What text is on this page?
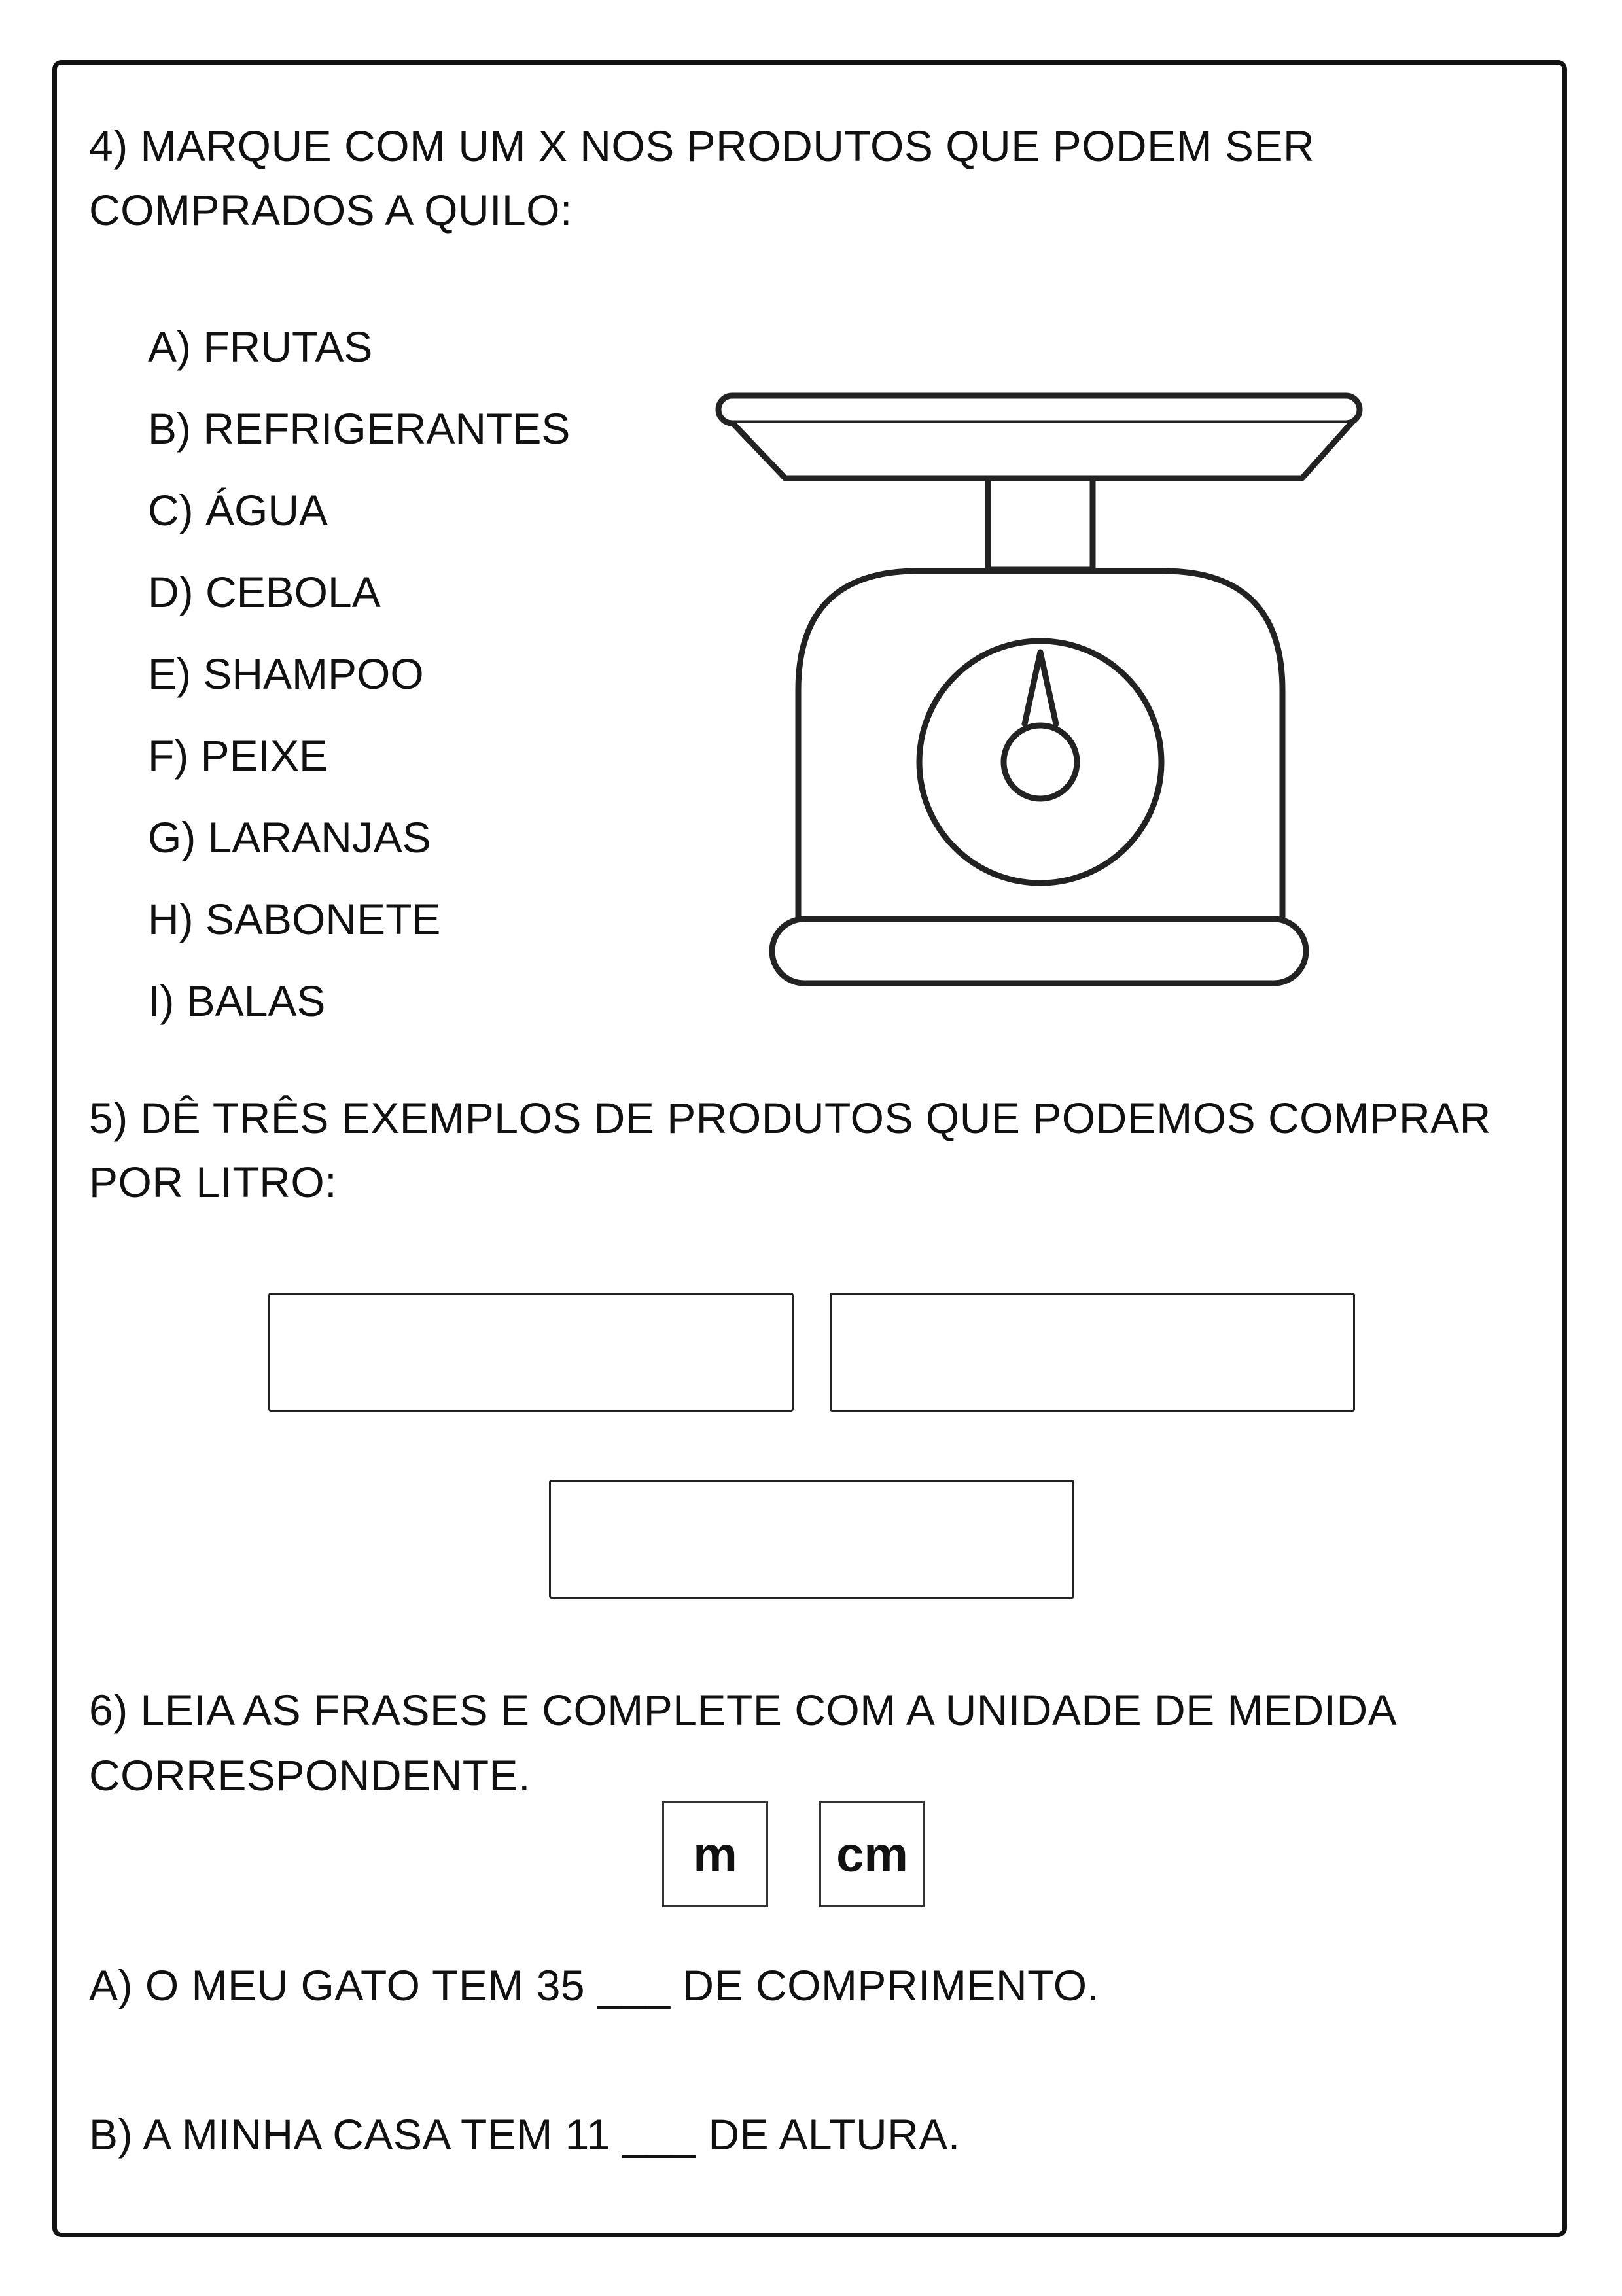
4) MARQUE COM UM X NOS PRODUTOS QUE PODEM SER
COMPRADOS A QUILO:
A) FRUTAS
B) REFRIGERANTES
C) ÁGUA
D) CEBOLA
E) SHAMPOO
F) PEIXE
G) LARANJAS
H) SABONETE
I) BALAS
5) DÊ TRÊS EXEMPLOS DE PRODUTOS QUE PODEMOS COMPRAR
POR LITRO:
6) LEIA AS FRASES E COMPLETE COM A UNIDADE DE MEDIDA
CORRESPONDENTE.
m	cm
A) O MEU GATO TEM 35 ___ DE COMPRIMENTO.
B) A MINHA CASA TEM 11 ___ DE ALTURA.
